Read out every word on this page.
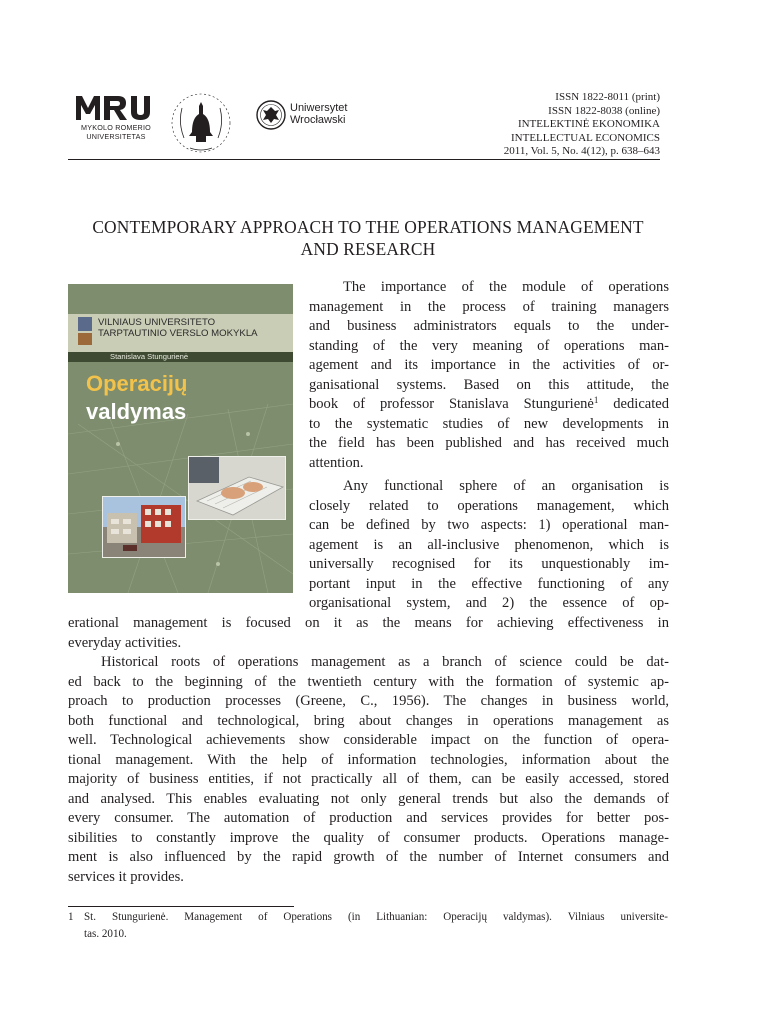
MYKOLO ROMERIO
UNIVERSITETAS
Uniwersytet
Wrocławski
ISSN 1822-8011 (print)
ISSN 1822-8038 (online)
INTELEKTINĖ EKONOMIKA
INTELLECTUAL ECONOMICS
2011, Vol. 5, No. 4(12), p. 638–643
CONTEMPORARY APPROACH TO THE OPERATIONS MANAGEMENT
AND RESEARCH
VILNIAUS UNIVERSITETO
TARPTAUTINIO VERSLO MOKYKLA
Stanislava Stungurienė
Operacijų
valdymas
The importance of the module of operations
management in the process of training managers
and business administrators equals to the under-
standing of the very meaning of operations man-
agement and its importance in the activities of or-
ganisational systems. Based on this attitude, the
book of professor Stanislava Stungurienė$^1$ dedicated
to the systematic studies of new developments in
the field has been published and has received much
attention.
Any functional sphere of an organisation is
closely related to operations management, which
can be defined by two aspects: 1) operational man-
agement is an all-inclusive phenomenon, which is
universally recognised for its unquestionably im-
portant input in the effective functioning of any
organisational system, and 2) the essence of op-
erational management is focused on it as the means for achieving effectiveness in
everyday activities.
Historical roots of operations management as a branch of science could be dat-
ed back to the beginning of the twentieth century with the formation of systemic ap-
proach to production processes (Greene, C., 1956). The changes in business world,
both functional and technological, bring about changes in operations management as
well. Technological achievements show considerable impact on the function of opera-
tional management. With the help of information technologies, information about the
majority of business entities, if not practically all of them, can be easily accessed, stored
and analysed. This enables evaluating not only general trends but also the demands of
every consumer. The automation of production and services provides for better pos-
sibilities to constantly improve the quality of consumer products. Operations manage-
ment is also influenced by the rapid growth of the number of Internet consumers and
services it provides.
1 St. Stungurienė. Management of Operations (in Lithuanian: Operacijų valdymas). Vilniaus universite-
tas. 2010.
